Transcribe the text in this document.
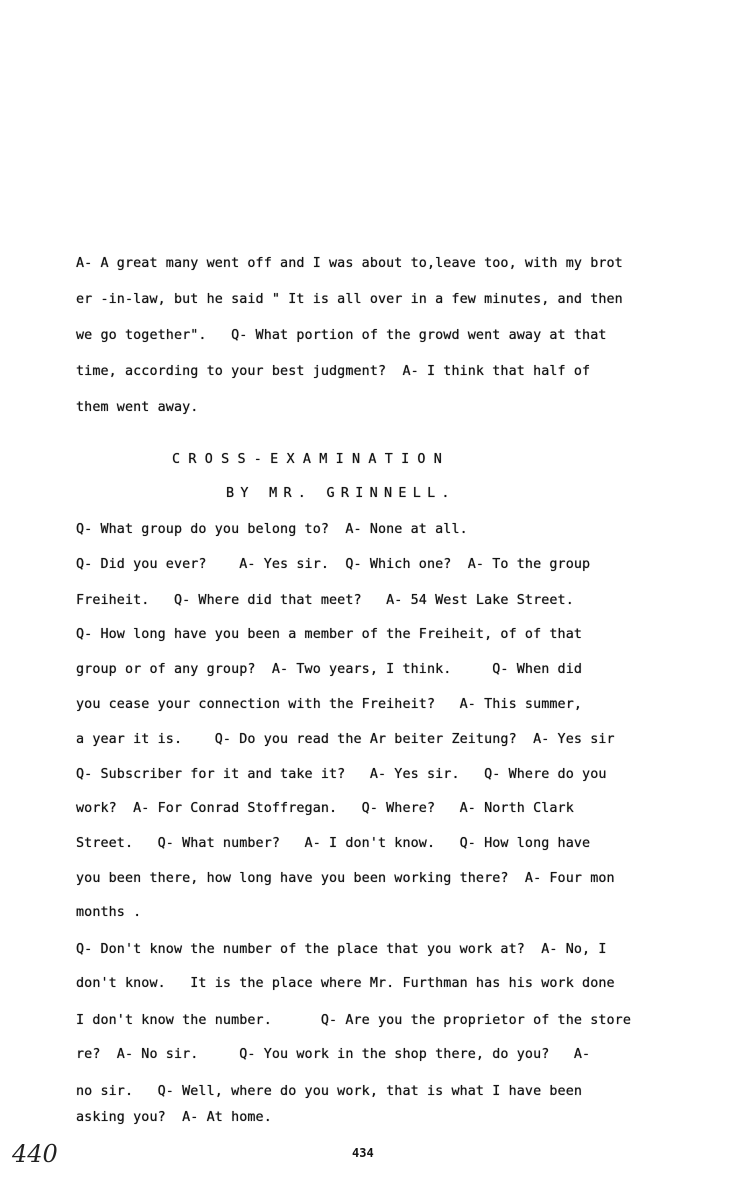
A- A great many went off and I was about to,leave too, with my brot
er -in-law, but he said " It is all over in a few minutes, and then
we go together".   Q- What portion of the growd went away at that
time, according to your best judgment?  A- I think that half of
them went away.
CROSS-EXAMINATION
BY MR. GRINNELL.
Q- What group do you belong to?  A- None at all.
Q- Did you ever?    A- Yes sir.  Q- Which one?  A- To the group
Freiheit.   Q- Where did that meet?   A- 54 West Lake Street.
Q- How long have you been a member of the Freiheit, of of that
group or of any group?  A- Two years, I think.     Q- When did
you cease your connection with the Freiheit?   A- This summer,
a year it is.    Q- Do you read the Ar beiter Zeitung?  A- Yes sir
Q- Subscriber for it and take it?   A- Yes sir.   Q- Where do you
work?  A- For Conrad Stoffregan.   Q- Where?   A- North Clark
Street.   Q- What number?   A- I don't know.   Q- How long have
you been there, how long have you been working there?  A- Four mon
months .
Q- Don't know the number of the place that you work at?  A- No, I
don't know.   It is the place where Mr. Furthman has his work done
I don't know the number.      Q- Are you the proprietor of the store
re?  A- No sir.     Q- You work in the shop there, do you?   A-
no sir.   Q- Well, where do you work, that is what I have been
asking you?  A- At home.
440	434
